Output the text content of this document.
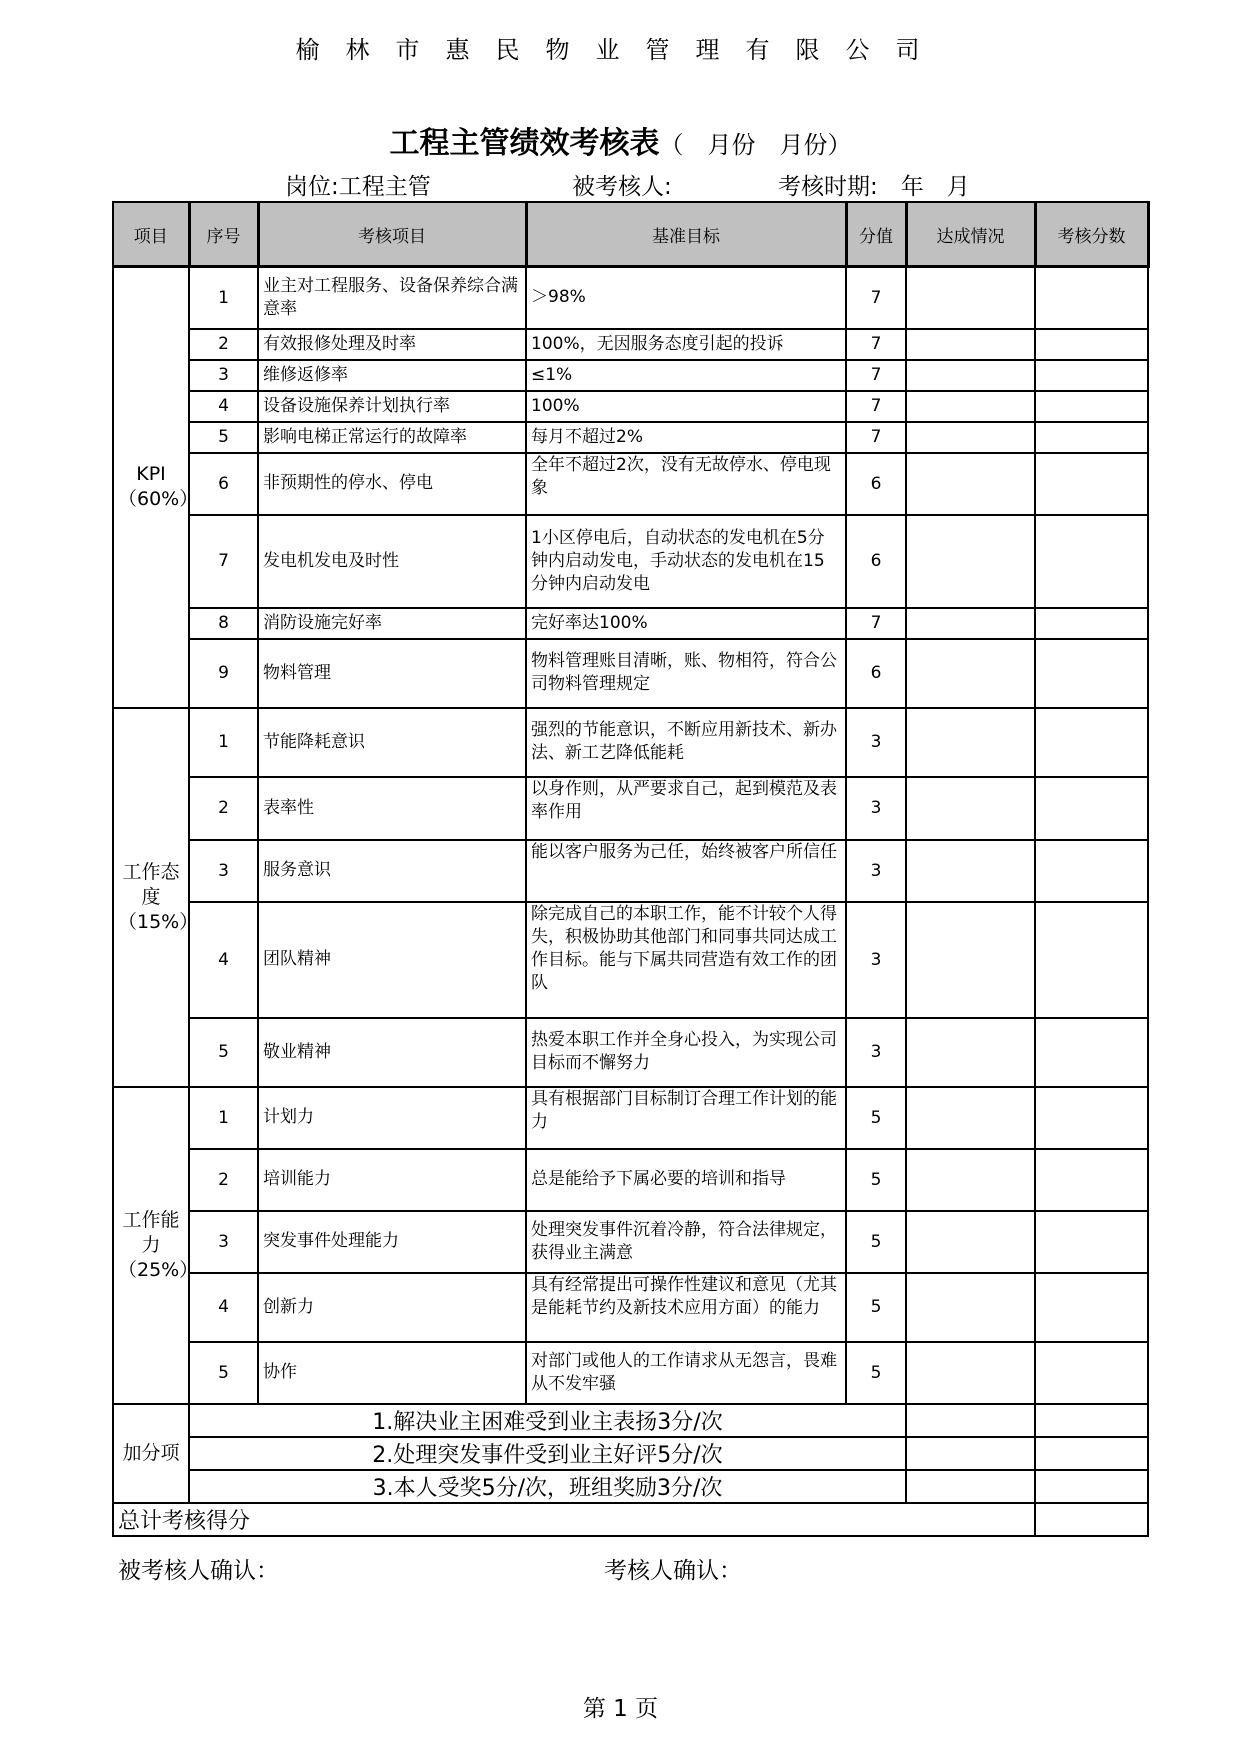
榆林市惠民物业管理有限公司
工程主管绩效考核表（　月份　月份）
岗位:工程主管	被考核人:	考核时期:　年　月
项目	序号	考核项目	基准目标	分值	达成情况	考核分数
KPI（60%）	1	业主对工程服务、设备保养综合满意率	＞98%	7		
	2	有效报修处理及时率	100%，无因服务态度引起的投诉	7		
	3	维修返修率	≤1%	7		
	4	设备设施保养计划执行率	100%	7		
	5	影响电梯正常运行的故障率	每月不超过2%	7		
	6	非预期性的停水、停电	全年不超过2次，没有无故停水、停电现象	6		
	7	发电机发电及时性	1小区停电后，自动状态的发电机在5分钟内启动发电，手动状态的发电机在15分钟内启动发电	6		
	8	消防设施完好率	完好率达100%	7		
	9	物料管理	物料管理账目清晰，账、物相符，符合公司物料管理规定	6		
工作态度（15%）	1	节能降耗意识	强烈的节能意识，不断应用新技术、新办法、新工艺降低能耗	3		
	2	表率性	以身作则，从严要求自己，起到模范及表率作用	3		
	3	服务意识	能以客户服务为己任，始终被客户所信任	3		
	4	团队精神	除完成自己的本职工作，能不计较个人得失，积极协助其他部门和同事共同达成工作目标。能与下属共同营造有效工作的团队	3		
	5	敬业精神	热爱本职工作并全身心投入，为实现公司目标而不懈努力	3		
工作能力（25%）	1	计划力	具有根据部门目标制订合理工作计划的能力	5		
	2	培训能力	总是能给予下属必要的培训和指导	5		
	3	突发事件处理能力	处理突发事件沉着冷静，符合法律规定，获得业主满意	5		
	4	创新力	具有经常提出可操作性建议和意见（尤其是能耗节约及新技术应用方面）的能力	5		
	5	协作	对部门或他人的工作请求从无怨言，畏难从不发牢骚	5		
加分项	1.解决业主困难受到业主表扬3分/次					
	2.处理突发事件受到业主好评5分/次					
	3.本人受奖5分/次，班组奖励3分/次					
总计考核得分						
被考核人确认：	考核人确认：
第 1 页
